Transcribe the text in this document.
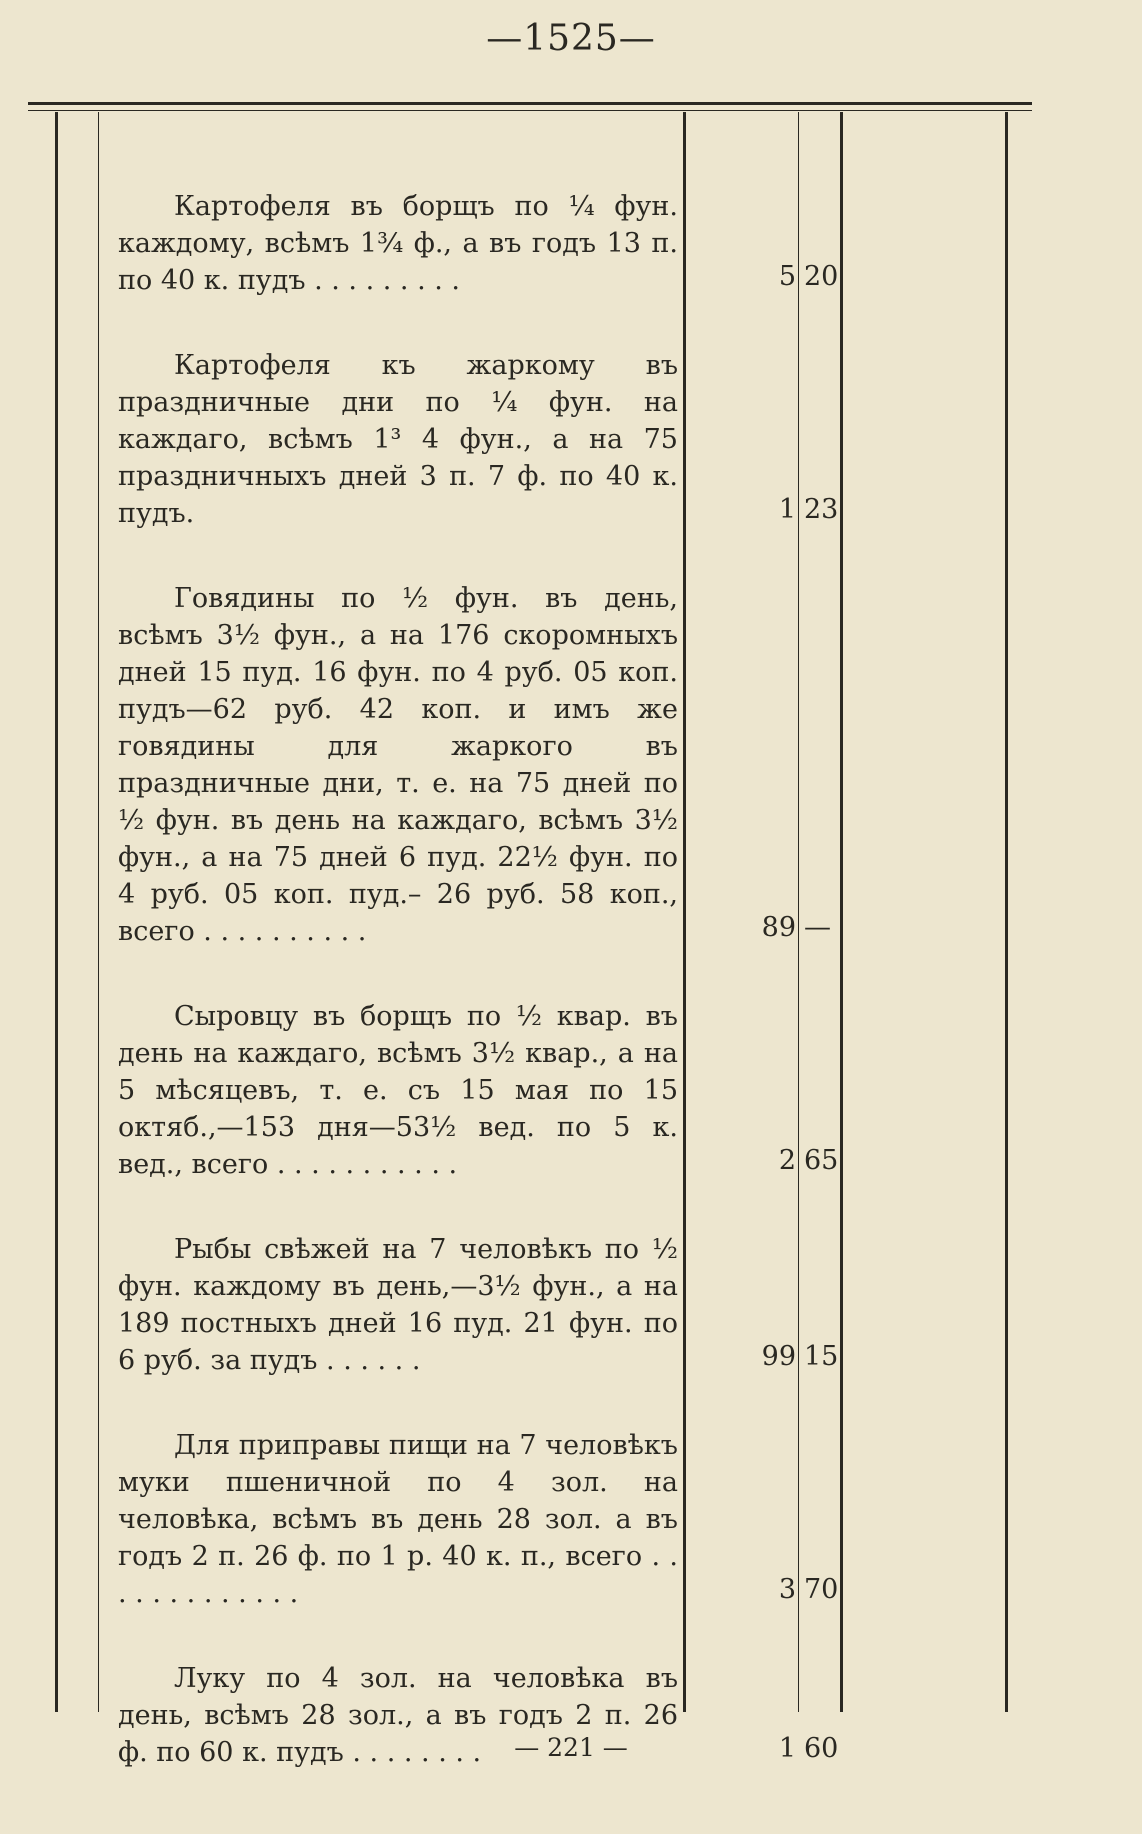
—1525—
Картофеля въ борщъ по ¼ фун. каждому, всѣмъ 1¾ ф., а въ годъ 13 п. по 40 к. пудъ . . . . . . . . .	5 20
Картофеля къ жаркому въ праздничные дни по ¼ фун. на каждаго, всѣмъ 1³ 4 фун., а на 75 праздничныхъ дней 3 п. 7 ф. по 40 к. пудъ.	1 23
Говядины по ½ фун. въ день, всѣмъ 3½ фун., а на 176 скоромныхъ дней 15 пуд. 16 фун. по 4 руб. 05 коп. пудъ—62 руб. 42 коп. и имъ же говядины для жаркого въ праздничные дни, т. е. на 75 дней по ½ фун. въ день на каждаго, всѣмъ 3½ фун., а на 75 дней 6 пуд. 22½ фун. по 4 руб. 05 коп. пуд.– 26 руб. 58 коп., всего . . . . . . . . . .	89 —
Сыровцу въ борщъ по ½ квар. въ день на каждаго, всѣмъ 3½ квар., а на 5 мѣсяцевъ, т. е. съ 15 мая по 15 октяб.,—153 дня—53½ вед. по 5 к. вед., всего . . . . . . . . . . .	2 65
Рыбы свѣжей на 7 человѣкъ по ½ фун. каждому въ день,—3½ фун., а на 189 постныхъ дней 16 пуд. 21 фун. по 6 руб. за пудъ . . . . . .	99 15
Для приправы пищи на 7 человѣкъ муки пшеничной по 4 зол. на человѣка, всѣмъ въ день 28 зол. а въ годъ 2 п. 26 ф. по 1 р. 40 к. п., всего . . . . . . . . . . . . .	3 70
Луку по 4 зол. на человѣка въ день, всѣмъ 28 зол., а въ годъ 2 п. 26 ф. по 60 к. пудъ . . . . . . . .	1 60
— 221 —
